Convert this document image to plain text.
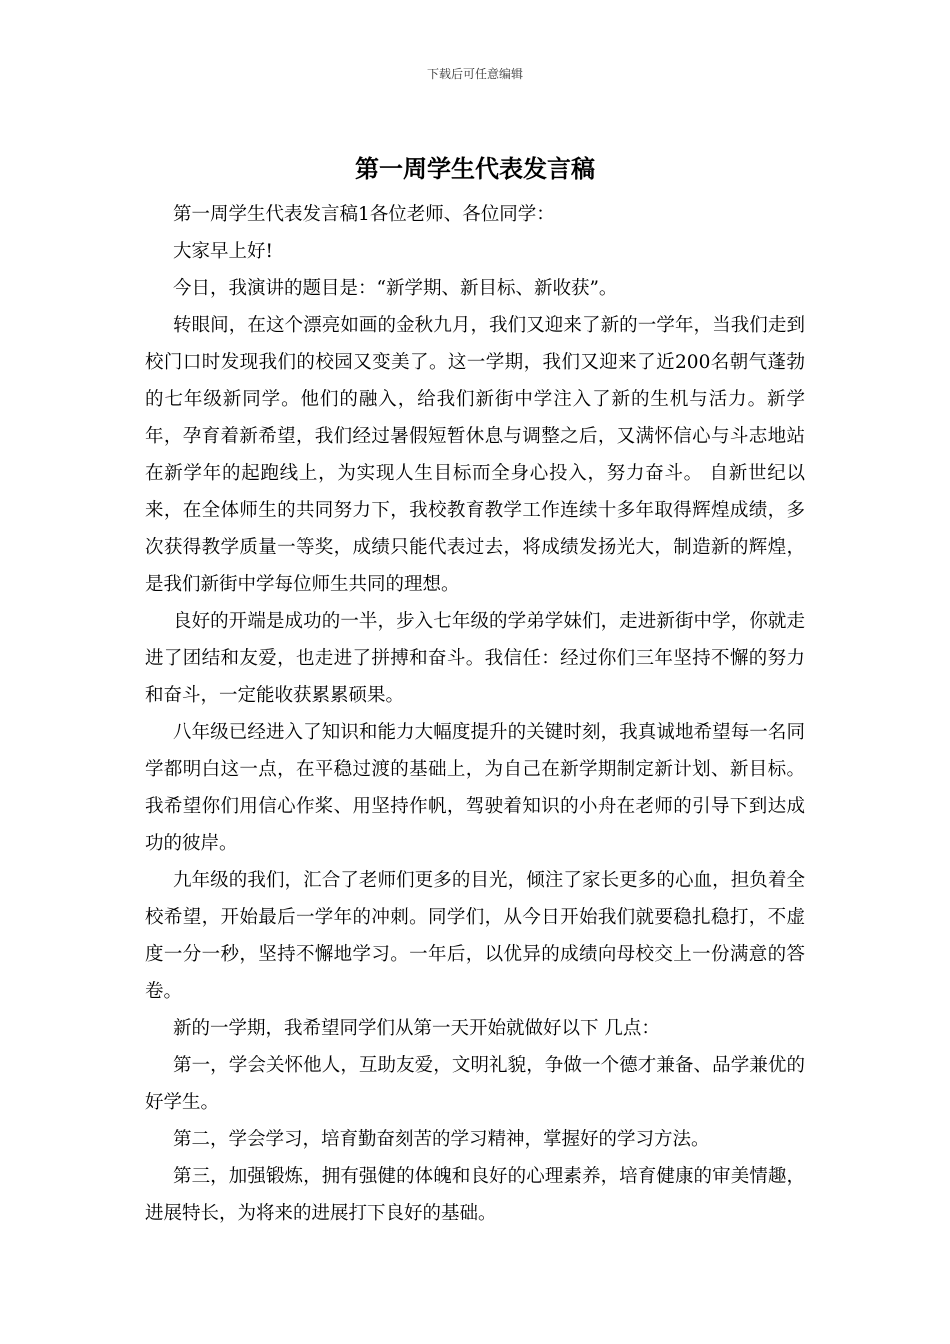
下载后可任意编辑
第一周学生代表发言稿

第一周学生代表发言稿1各位老师、各位同学：

大家早上好!

今日，我演讲的题目是：“新学期、新目标、新收获”。

转眼间，在这个漂亮如画的金秋九月，我们又迎来了新的一学年，当我们走到校门口时发现我们的校园又变美了。这一学期，我们又迎来了近200名朝气蓬勃的七年级新同学。他们的融入，给我们新街中学注入了新的生机与活力。新学年，孕育着新希望，我们经过暑假短暂休息与调整之后，又满怀信心与斗志地站在新学年的起跑线上，为实现人生目标而全身心投入，努力奋斗。 自新世纪以来，在全体师生的共同努力下，我校教育教学工作连续十多年取得辉煌成绩，多次获得教学质量一等奖，成绩只能代表过去，将成绩发扬光大，制造新的辉煌，是我们新街中学每位师生共同的理想。

良好的开端是成功的一半，步入七年级的学弟学妹们，走进新街中学，你就走进了团结和友爱，也走进了拼搏和奋斗。我信任：经过你们三年坚持不懈的努力和奋斗，一定能收获累累硕果。

八年级已经进入了知识和能力大幅度提升的关键时刻，我真诚地希望每一名同学都明白这一点，在平稳过渡的基础上，为自己在新学期制定新计划、新目标。我希望你们用信心作桨、用坚持作帆，驾驶着知识的小舟在老师的引导下到达成功的彼岸。

九年级的我们，汇合了老师们更多的目光，倾注了家长更多的心血，担负着全校希望，开始最后一学年的冲刺。同学们，从今日开始我们就要稳扎稳打，不虚度一分一秒，坚持不懈地学习。一年后，以优异的成绩向母校交上一份满意的答卷。

新的一学期，我希望同学们从第一天开始就做好以下 几点：

第一，学会关怀他人，互助友爱，文明礼貌，争做一个德才兼备、品学兼优的好学生。

第二，学会学习，培育勤奋刻苦的学习精神，掌握好的学习方法。

第三，加强锻炼，拥有强健的体魄和良好的心理素养，培育健康的审美情趣，进展特长，为将来的进展打下良好的基础。
